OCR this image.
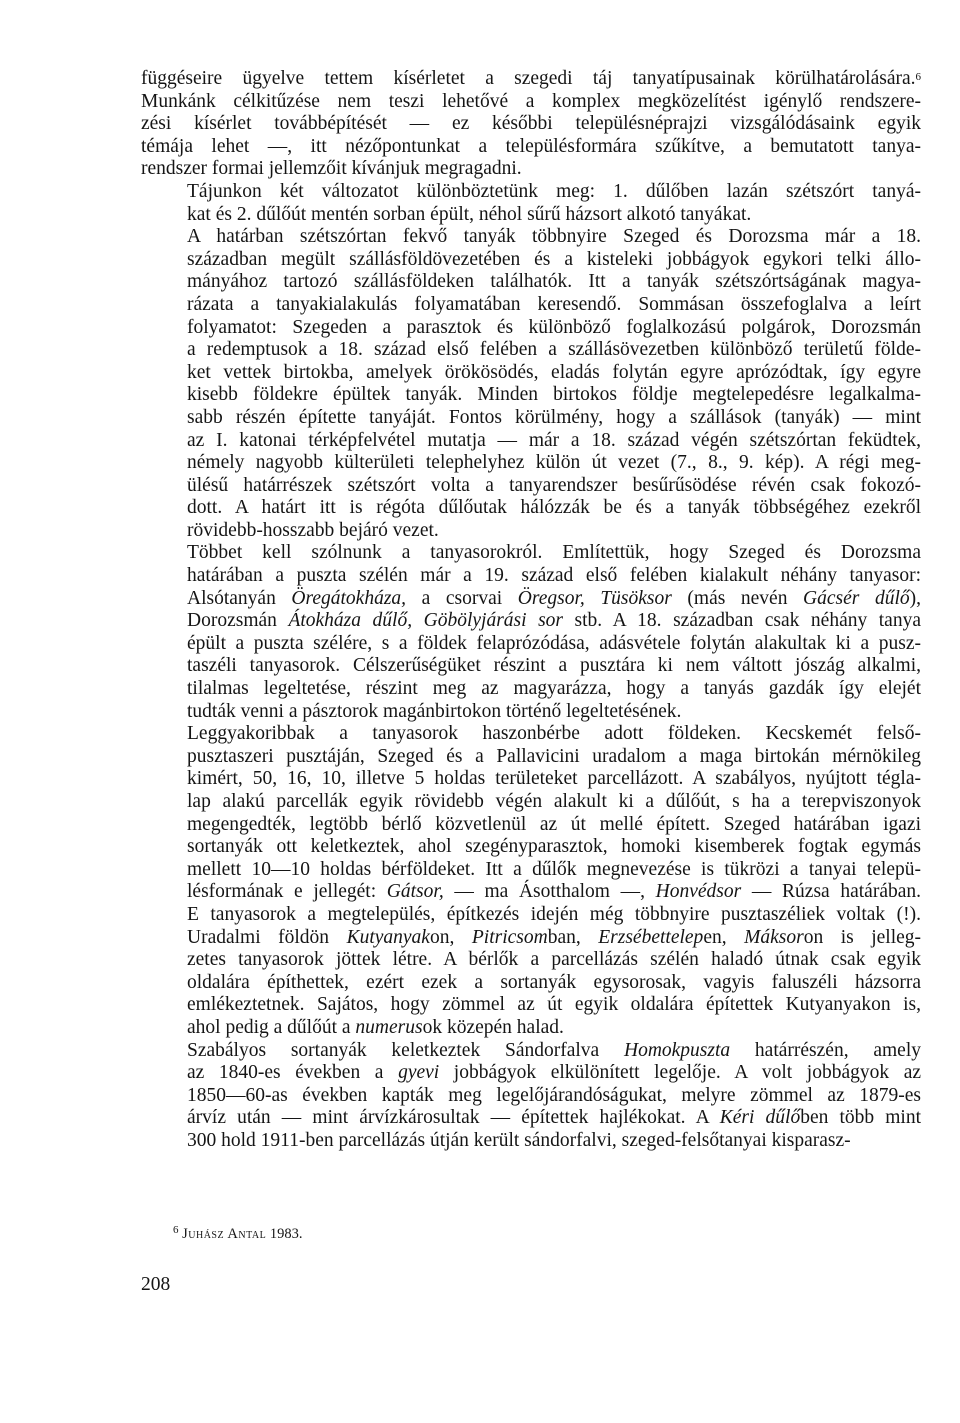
függéseire ügyelve tettem kísérletet a szegedi táj tanyatípusainak körülhatárolására.$^6$
Munkánk célkitűzése nem teszi lehetővé a komplex megközelítést igénylő rendszere-
zési kísérlet továbbépítését — ez későbbi településnéprajzi vizsgálódásaink egyik
témája lehet —, itt nézőpontunkat a településformára szűkítve, a bemutatott tanya-
rendszer formai jellemzőit kívánjuk megragadni.

Tájunkon két változatot különböztetünk meg: 1. dűlőben lazán szétszórt tanyá-
kat és 2. dűlőút mentén sorban épült, néhol sűrű házsort alkotó tanyákat.

A határban szétszórtan fekvő tanyák többnyire Szeged és Dorozsma már a 18.
században megült szállásföldövezetében és a kisteleki jobbágyok egykori telki állo-
mányához tartozó szállásföldeken találhatók. Itt a tanyák szétszórtságának magya-
rázata a tanyakialakulás folyamatában keresendő. Sommásan összefoglalva a leírt
folyamatot: Szegeden a parasztok és különböző foglalkozású polgárok, Dorozsmán
a redemptusok a 18. század első felében a szállásövezetben különböző területű földe-
ket vettek birtokba, amelyek örökösödés, eladás folytán egyre aprózódtak, így egyre
kisebb földekre épültek tanyák. Minden birtokos földje megtelepedésre legalkalma-
sabb részén építette tanyáját. Fontos körülmény, hogy a szállások (tanyák) — mint
az I. katonai térképfelvétel mutatja — már a 18. század végén szétszórtan feküdtek,
némely nagyobb külterületi telephelyhez külön út vezet (7., 8., 9. kép). A régi meg-
ülésű határrészek szétszórt volta a tanyarendszer besűrűsödése révén csak fokozó-
dott. A határt itt is régóta dűlőutak hálózzák be és a tanyák többségéhez ezekről
rövidebb-hosszabb bejáró vezet.

Többet kell szólnunk a tanyasorokról. Említettük, hogy Szeged és Dorozsma
határában a puszta szélén már a 19. század első felében kialakult néhány tanyasor:
Alsótanyán Öregátokháza, a csorvai Öregsor, Tüsöksor (más nevén Gácsér dűlő),
Dorozsmán Átokháza dűlő, Göbölyjárási sor stb. A 18. században csak néhány tanya
épült a puszta szélére, s a földek felaprózódása, adásvétele folytán alakultak ki a pusz-
taszéli tanyasorok. Célszerűségüket részint a pusztára ki nem váltott jószág alkalmi,
tilalmas legeltetése, részint meg az magyarázza, hogy a tanyás gazdák így elejét
tudták venni a pásztorok magánbirtokon történő legeltetésének.

Leggyakoribbak a tanyasorok haszonbérbe adott földeken. Kecskemét felső-
pusztaszeri pusztáján, Szeged és a Pallavicini uradalom a maga birtokán mérnökileg
kimért, 50, 16, 10, illetve 5 holdas területeket parcellázott. A szabályos, nyújtott tégla-
lap alakú parcellák egyik rövidebb végén alakult ki a dűlőút, s ha a terepviszonyok
megengedték, legtöbb bérlő közvetlenül az út mellé épített. Szeged határában igazi
sortanyák ott keletkeztek, ahol szegényparasztok, homoki kisemberek fogtak egymás
mellett 10—10 holdas bérföldeket. Itt a dűlők megnevezése is tükrözi a tanyai telepü-
lésformának e jellegét: Gátsor, — ma Ásotthalom —, Honvédsor — Rúzsa határában.
E tanyasorok a megtelepülés, építkezés idején még többnyire pusztaszéliek voltak (!).
Uradalmi földön Kutyanyakon, Pitricsomban, Erzsébettelepen, Máksoron is jelleg-
zetes tanyasorok jöttek létre. A bérlők a parcellázás szélén haladó útnak csak egyik
oldalára építhettek, ezért ezek a sortanyák egysorosak, vagyis faluszéli házsorra
emlékeztetnek. Sajátos, hogy zömmel az út egyik oldalára építettek Kutyanyakon is,
ahol pedig a dűlőút a numerusok közepén halad.

Szabályos sortanyák keletkeztek Sándorfalva Homokpuszta határrészén, amely
az 1840-es években a gyevi jobbágyok elkülönített legelője. A volt jobbágyok az
1850—60-as években kapták meg legelőjárandóságukat, melyre zömmel az 1879-es
árvíz után — mint árvízkárosultak — építettek hajlékokat. A Kéri dűlőben több mint
300 hold 1911-ben parcellázás útján került sándorfalvi, szeged-felsőtanyai kisparasz-

$^6$ Juhász Antal 1983.
208
